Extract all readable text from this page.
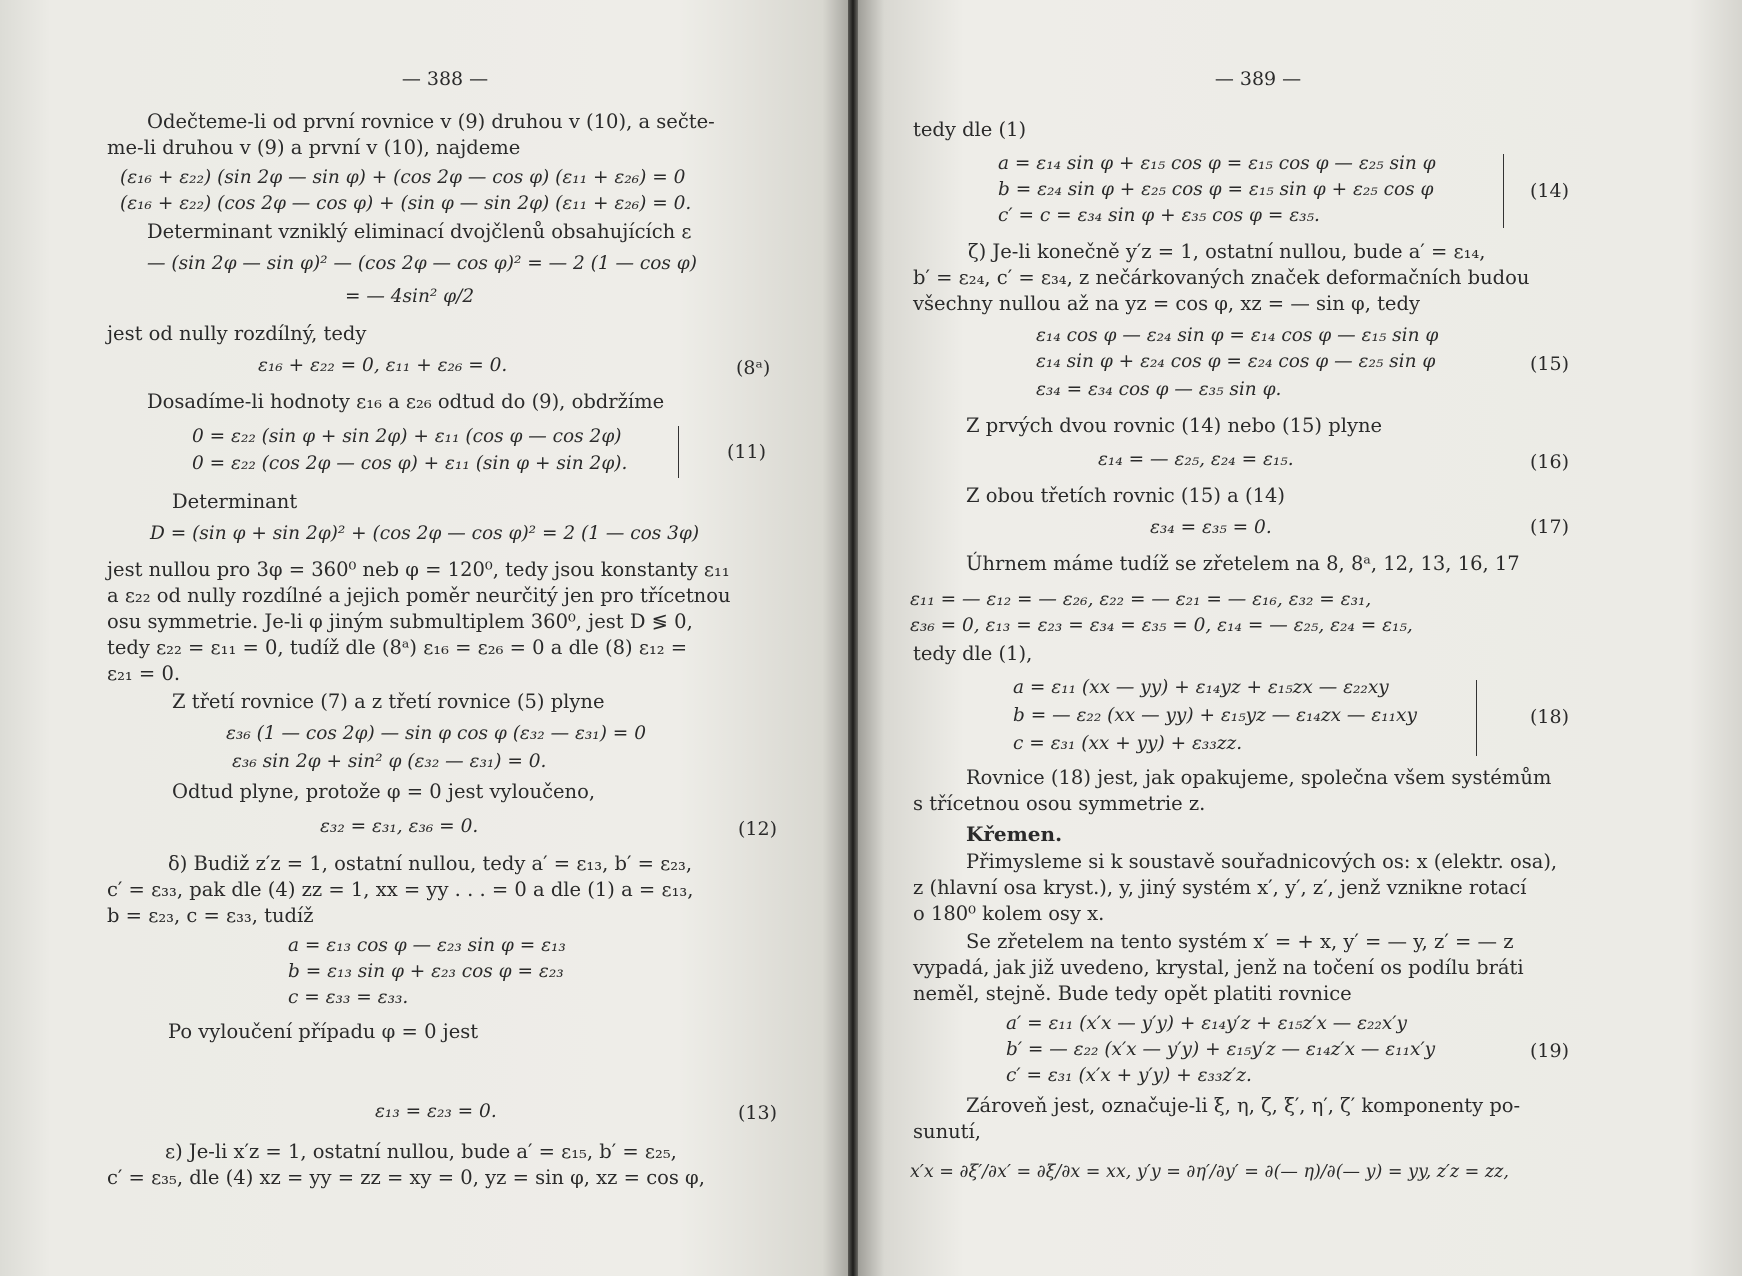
— 388 —
Odečteme-li od první rovnice v (9) druhou v (10), a sečte-
me-li druhou v (9) a první v (10), najdeme
(ε₁₆ + ε₂₂) (sin 2φ — sin φ) + (cos 2φ — cos φ) (ε₁₁ + ε₂₆) = 0
(ε₁₆ + ε₂₂) (cos 2φ — cos φ) + (sin φ — sin 2φ) (ε₁₁ + ε₂₆) = 0.
Determinant vzniklý eliminací dvojčlenů obsahujících ε
— (sin 2φ — sin φ)² — (cos 2φ — cos φ)² = — 2 (1 — cos φ)
= — 4sin² φ/2
jest od nully rozdílný, tedy
ε₁₆ + ε₂₂ = 0, ε₁₁ + ε₂₆ = 0.	(8ᵃ)
Dosadíme-li hodnoty ε₁₆ a ε₂₆ odtud do (9), obdržíme
0 = ε₂₂ (sin φ + sin 2φ) + ε₁₁ (cos φ — cos 2φ)
0 = ε₂₂ (cos 2φ — cos φ) + ε₁₁ (sin φ + sin 2φ).
(11)
Determinant
D = (sin φ + sin 2φ)² + (cos 2φ — cos φ)² = 2 (1 — cos 3φ)
jest nullou pro 3φ = 360⁰ neb φ = 120⁰, tedy jsou konstanty ε₁₁
a ε₂₂ od nully rozdílné a jejich poměr neurčitý jen pro třícetnou
osu symmetrie. Je-li φ jiným submultiplem 360⁰, jest D ≶ 0,
tedy ε₂₂ = ε₁₁ = 0, tudíž dle (8ᵃ) ε₁₆ = ε₂₆ = 0 a dle (8) ε₁₂ =
ε₂₁ = 0.
Z třetí rovnice (7) a z třetí rovnice (5) plyne
ε₃₆ (1 — cos 2φ) — sin φ cos φ (ε₃₂ — ε₃₁) = 0
ε₃₆ sin 2φ + sin² φ (ε₃₂ — ε₃₁) = 0.
Odtud plyne, protože φ = 0 jest vyloučeno,
ε₃₂ = ε₃₁, ε₃₆ = 0.	(12)
δ) Budiž z′z = 1, ostatní nullou, tedy a′ = ε₁₃, b′ = ε₂₃,
c′ = ε₃₃, pak dle (4) zz = 1, xx = yy . . . = 0 a dle (1) a = ε₁₃,
b = ε₂₃, c = ε₃₃, tudíž
a = ε₁₃ cos φ — ε₂₃ sin φ = ε₁₃
b = ε₁₃ sin φ + ε₂₃ cos φ = ε₂₃
c = ε₃₃ = ε₃₃.
Po vyloučení případu φ = 0 jest
ε₁₃ = ε₂₃ = 0.	(13)
ε) Je-li x′z = 1, ostatní nullou, bude a′ = ε₁₅, b′ = ε₂₅,
c′ = ε₃₅, dle (4) xz = yy = zz = xy = 0, yz = sin φ, xz = cos φ,
— 389 —
tedy dle (1)
a = ε₁₄ sin φ + ε₁₅ cos φ = ε₁₅ cos φ — ε₂₅ sin φ
b = ε₂₄ sin φ + ε₂₅ cos φ = ε₁₅ sin φ + ε₂₅ cos φ
c′ = c = ε₃₄ sin φ + ε₃₅ cos φ = ε₃₅.
(14)
ζ) Je-li konečně y′z = 1, ostatní nullou, bude a′ = ε₁₄,
b′ = ε₂₄, c′ = ε₃₄, z nečárkovaných značek deformačních budou
všechny nullou až na yz = cos φ, xz = — sin φ, tedy
ε₁₄ cos φ — ε₂₄ sin φ = ε₁₄ cos φ — ε₁₅ sin φ
ε₁₄ sin φ + ε₂₄ cos φ = ε₂₄ cos φ — ε₂₅ sin φ	(15)
ε₃₄ = ε₃₄ cos φ — ε₃₅ sin φ.
Z prvých dvou rovnic (14) nebo (15) plyne
ε₁₄ = — ε₂₅, ε₂₄ = ε₁₅.	(16)
Z obou třetích rovnic (15) a (14)
ε₃₄ = ε₃₅ = 0.	(17)
Úhrnem máme tudíž se zřetelem na 8, 8ᵃ, 12, 13, 16, 17
ε₁₁ = — ε₁₂ = — ε₂₆, ε₂₂ = — ε₂₁ = — ε₁₆, ε₃₂ = ε₃₁,
ε₃₆ = 0, ε₁₃ = ε₂₃ = ε₃₄ = ε₃₅ = 0, ε₁₄ = — ε₂₅, ε₂₄ = ε₁₅,
tedy dle (1),
a = ε₁₁ (xx — yy) + ε₁₄yz + ε₁₅zx — ε₂₂xy
b = — ε₂₂ (xx — yy) + ε₁₅yz — ε₁₄zx — ε₁₁xy
c = ε₃₁ (xx + yy) + ε₃₃zz.
(18)
Rovnice (18) jest, jak opakujeme, společna všem systémům
s třícetnou osou symmetrie z.
Křemen.
Přimysleme si k soustavě souřadnicových os: x (elektr. osa),
z (hlavní osa kryst.), y, jiný systém x′, y′, z′, jenž vznikne rotací
o 180⁰ kolem osy x.
Se zřetelem na tento systém x′ = + x, y′ = — y, z′ = — z
vypadá, jak již uvedeno, krystal, jenž na točení os podílu bráti
neměl, stejně. Bude tedy opět platiti rovnice
a′ = ε₁₁ (x′x — y′y) + ε₁₄y′z + ε₁₅z′x — ε₂₂x′y
b′ = — ε₂₂ (x′x — y′y) + ε₁₅y′z — ε₁₄z′x — ε₁₁x′y
c′ = ε₃₁ (x′x + y′y) + ε₃₃z′z.
(19)
Zároveň jest, označuje-li ξ, η, ζ, ξ′, η′, ζ′ komponenty po-
sunutí,
x′x = ∂ξ′/∂x′ = ∂ξ/∂x = xx, y′y = ∂η′/∂y′ = ∂(— η)/∂(— y) = yy, z′z = zz,
